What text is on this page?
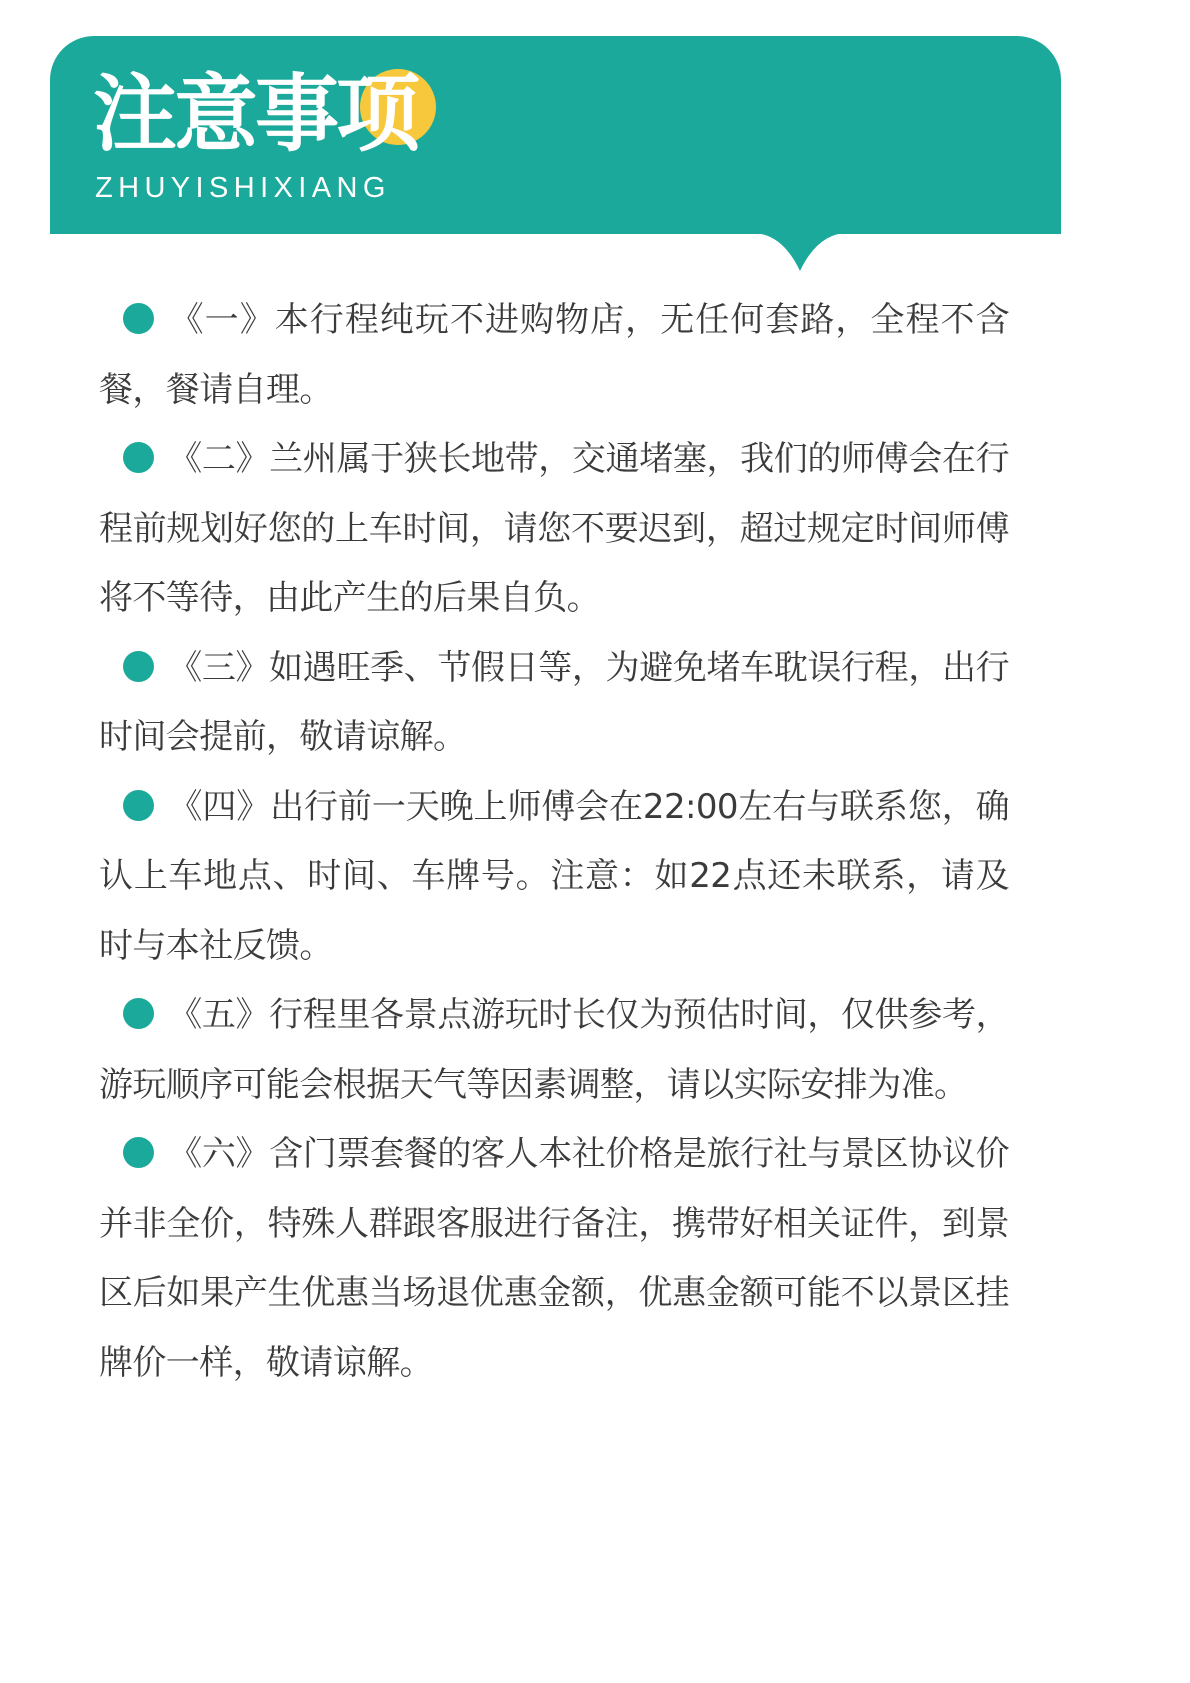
注意事项
ZHUYISHIXIANG

《一》本行程纯玩不进购物店，无任何套路，全程不含餐，餐请自理。

《二》兰州属于狭长地带，交通堵塞，我们的师傅会在行程前规划好您的上车时间，请您不要迟到，超过规定时间师傅将不等待，由此产生的后果自负。

《三》如遇旺季、节假日等，为避免堵车耽误行程，出行时间会提前，敬请谅解。

《四》出行前一天晚上师傅会在22:00左右与联系您，确认上车地点、时间、车牌号。注意：如22点还未联系，请及时与本社反馈。

《五》行程里各景点游玩时长仅为预估时间，仅供参考，游玩顺序可能会根据天气等因素调整，请以实际安排为准。

《六》含门票套餐的客人本社价格是旅行社与景区协议价并非全价，特殊人群跟客服进行备注，携带好相关证件，到景区后如果产生优惠当场退优惠金额，优惠金额可能不以景区挂牌价一样，敬请谅解。
